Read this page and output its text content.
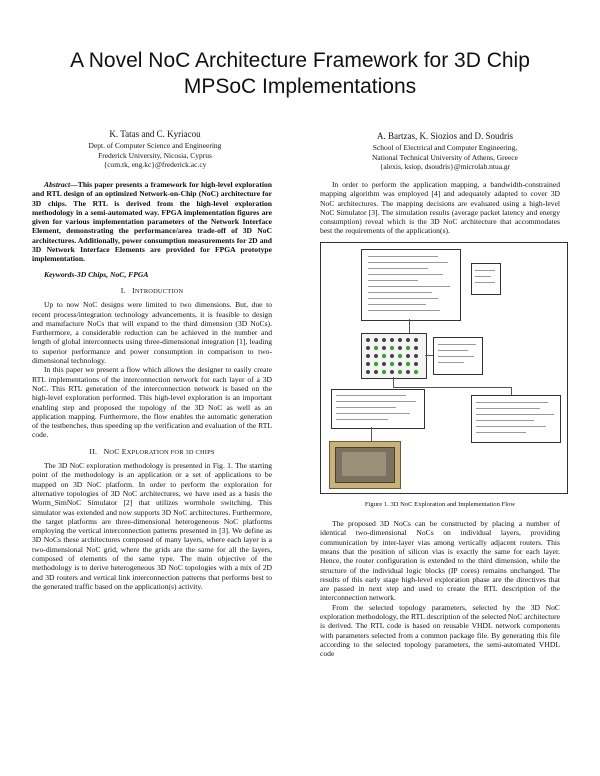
A Novel NoC Architecture Framework for 3D Chip MPSoC Implementations
K. Tatas and C. Kyriacou
Dept. of Computer Science and Engineering
Frederick University, Nicosia, Cyprus
{com.tk, eng.kc}@frederick.ac.cy
A. Bartzas, K. Siozios and D. Soudris
School of Electrical and Computer Engineering,
National Technical University of Athens, Greece
{alexis, ksiop, dsoudris}@microlab.ntua.gr

Abstract—This paper presents a framework for high-level exploration and RTL design of an optimized Network-on-Chip (NoC) architecture for 3D chips. The RTL is derived from the high-level exploration methodology in a semi-automated way. FPGA implementation figures are given for various implementation parameters of the Network Interface Element, demonstrating the performance/area trade-off of 3D NoC architectures. Additionally, power consumption measurements for 2D and 3D Network Interface Elements are provided for FPGA prototype implementation.

Keywords-3D Chips, NoC, FPGA

I. INTRODUCTION

Up to now NoC designs were limited to two dimensions. But, due to recent process/integration technology advancements, it is feasible to design and manufacture NoCs that will expand to the third dimension (3D NoCs). Furthermore, a considerable reduction can be achieved in the number and length of global interconnects using three-dimensional integration [1], leading to superior performance and power consumption in comparison to two-dimensional technology.

In this paper we present a flow which allows the designer to easily create RTL implementations of the interconnection network for each layer of a 3D NoC. This RTL generation of the interconnection network is based on the high-level exploration performed. This high-level exploration is an important enabling step and proposed the topology of the 3D NoC as well as an application mapping. Furthermore, the flow enables the automatic generation of the testbenches, thus speeding up the verification and evaluation of the RTL code.

II. NOC EXPLORATION FOR 3D CHIPS

The 3D NoC exploration methodology is presented in Fig. 1. The starting point of the methodology is an application or a set of applications to be mapped on 3D NoC platform. In order to perform the exploration for alternative topologies of 3D NoC architectures, we have used as a basis the Worm_SimNoC Simulator [2] that utilizes wormhole switching. This simulator was extended and now supports 3D NoC architectures. Furthermore, the target platforms are three-dimensional heterogeneous NoC platforms employing the vertical interconnection patterns presented in [3]. We define as 3D NoCs these architectures composed of many layers, where each layer is a two-dimensional NoC grid, where the grids are the same for all the layers, composed of elements of the same type. The main objective of the methodology is to derive heterogeneous 3D NoC topologies with a mix of 2D and 3D routers and vertical link interconnection patterns that performs best to the generated traffic based on the application(s) activity.

In order to perform the application mapping, a bandwidth-constrained mapping algorithm was employed [4] and adequately adapted to cover 3D NoC architectures. The mapping decisions are evaluated using a high-level NoC Simulator [3]. The simulation results (average packet latency and energy consumption) reveal which is the 3D NoC architecture that accommodates best the requirements of the application(s).

Figure 1. 3D NoC Exploration and Implementation Flow

The proposed 3D NoCs can be constructed by placing a number of identical two-dimensional NoCs on individual layers, providing communication by inter-layer vias among vertically adjacent routers. This means that the position of silicon vias is exactly the same for each layer. Hence, the router configuration is extended to the third dimension, while the structure of the individual logic blocks (IP cores) remains unchanged. The results of this early stage high-level exploration phase are the directives that are passed in next step and used to create the RTL description of the interconnection network.

From the selected topology parameters, selected by the 3D NoC exploration methodology, the RTL description of the selected NoC architecture is derived. The RTL code is based on reusable VHDL network components with parameters selected from a common package file. By generating this file according to the selected topology parameters, the semi-automated VHDL code
